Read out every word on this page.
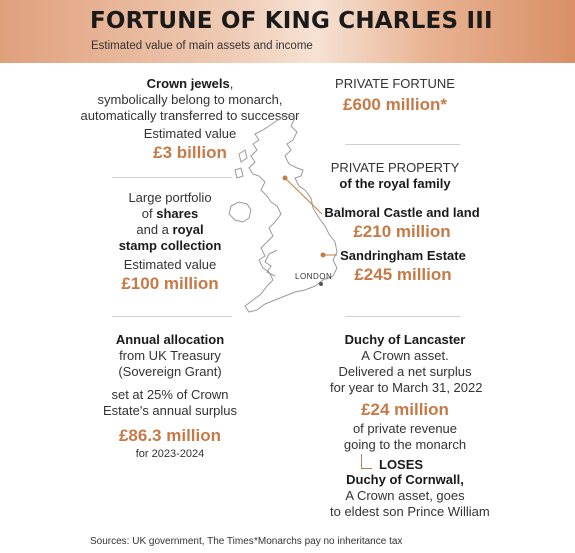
FORTUNE OF KING CHARLES III
Estimated value of main assets and income
Crown jewels,
symbolically belong to monarch,
automatically transferred to successor
Estimated value
£3 billion
Large portfolio
of shares
and a royal
stamp collection
Estimated value
£100 million
PRIVATE FORTUNE
£600 million*
PRIVATE PROPERTY
of the royal family
Balmoral Castle and land
£210 million
Sandringham Estate
£245 million
LONDON
Annual allocation
from UK Treasury
(Sovereign Grant)
set at 25% of Crown
Estate's annual surplus
£86.3 million
for 2023-2024
Duchy of Lancaster
A Crown asset.
Delivered a net surplus
for year to March 31, 2022
£24 million
of private revenue
going to the monarch
LOSES
Duchy of Cornwall,
A Crown asset, goes
to eldest son Prince William
Sources: UK government, The Times *Monarchs pay no inheritance tax
